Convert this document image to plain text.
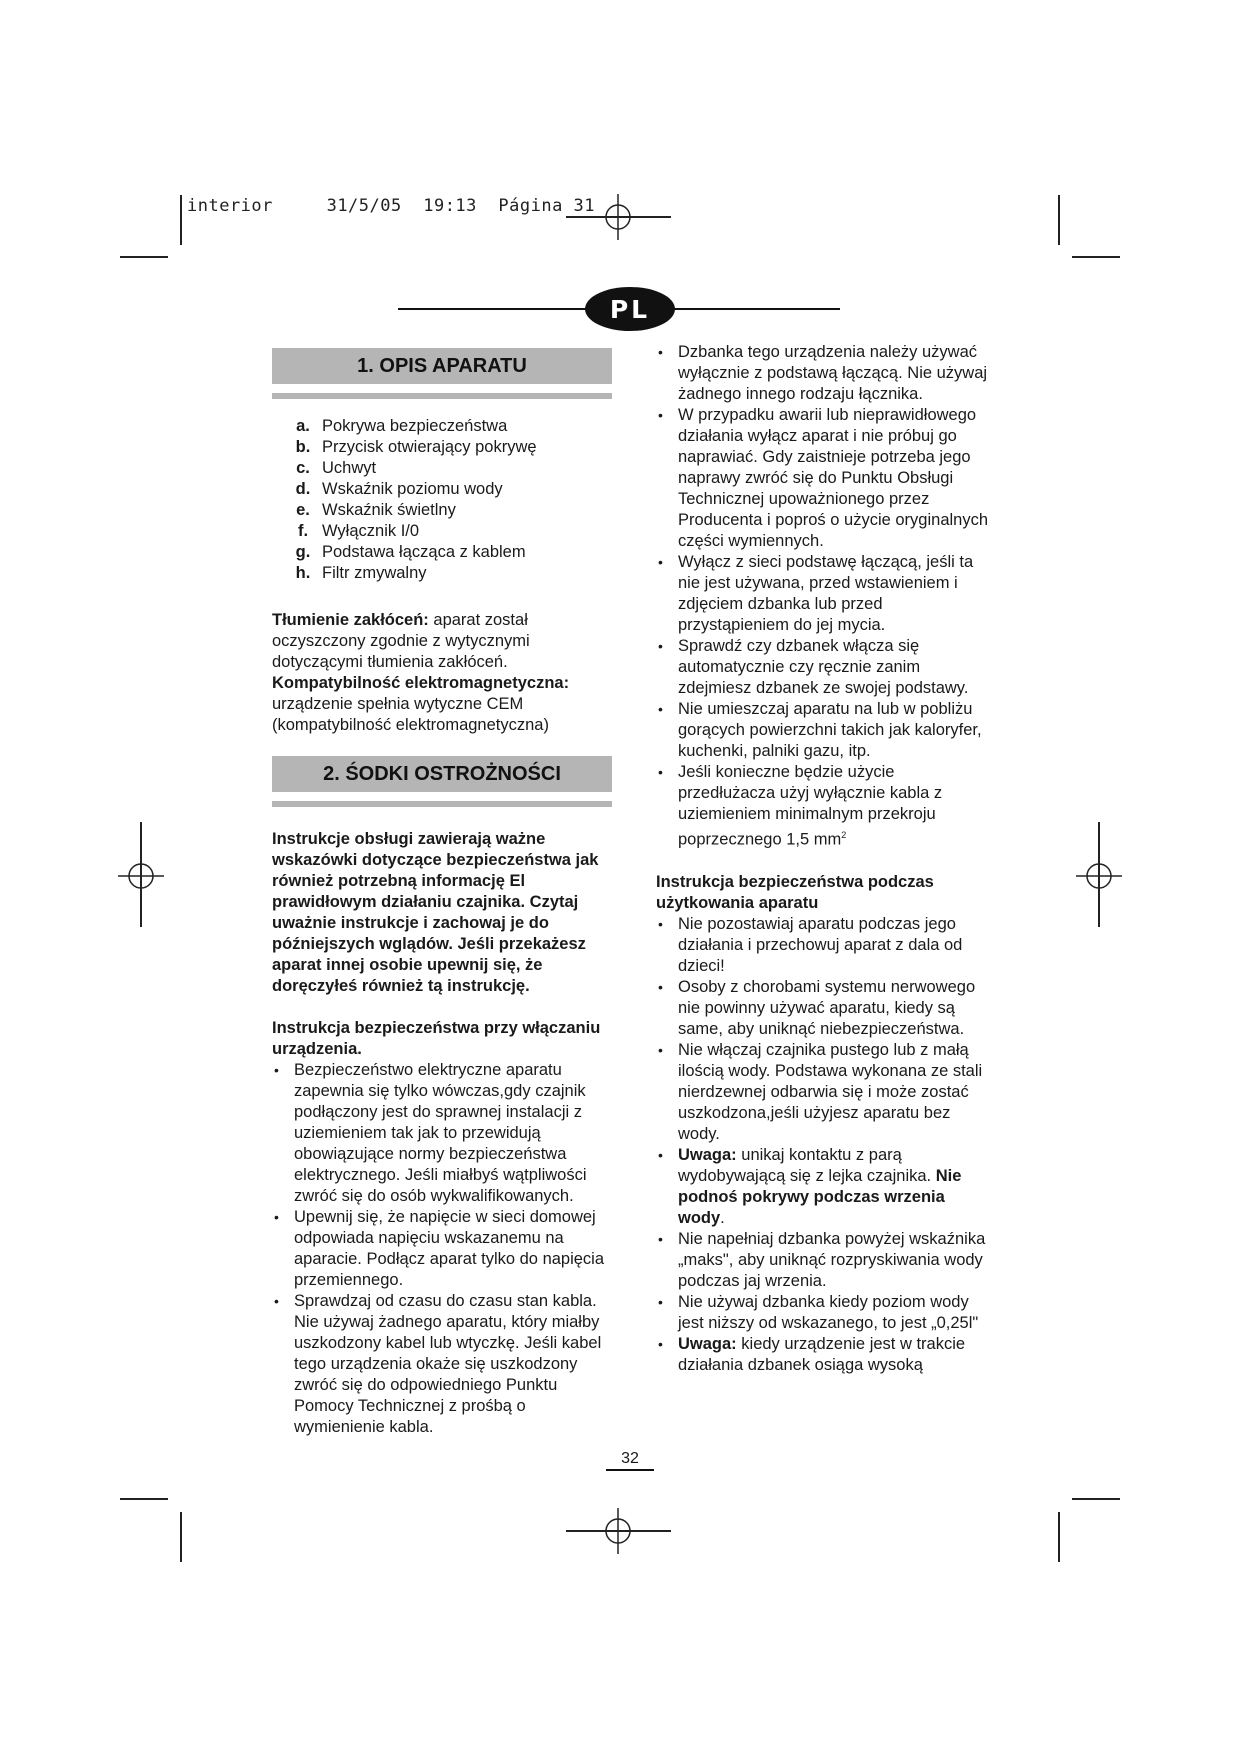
interior	31/5/05 19:13 Página 31
PL
1. OPIS APARATU
a. Pokrywa bezpieczeństwa
b. Przycisk otwierający pokrywę
c. Uchwyt
d. Wskaźnik poziomu wody
e. Wskaźnik świetlny
f. Wyłącznik I/0
g. Podstawa łącząca z kablem
h. Filtr zmywalny
Tłumienie zakłóceń: aparat został oczyszczony zgodnie z wytycznymi dotyczącymi tłumienia zakłóceń.
Kompatybilność elektromagnetyczna:
urządzenie spełnia wytyczne CEM (kompatybilność elektromagnetyczna)
2. ŚODKI OSTROŻNOŚCI
Instrukcje obsługi zawierają ważne wskazówki dotyczące bezpieczeństwa jak również potrzebną informację El prawidłowym działaniu czajnika. Czytaj uważnie instrukcje i zachowaj je do późniejszych wglądów. Jeśli przekażesz aparat innej osobie upewnij się, że doręczyłeś również tą instrukcję.
Instrukcja bezpieczeństwa przy włączaniu urządzenia.
• Bezpieczeństwo elektryczne aparatu zapewnia się tylko wówczas,gdy czajnik podłączony jest do sprawnej instalacji z uziemieniem tak jak to przewidują obowiązujące normy bezpieczeństwa elektrycznego. Jeśli miałbyś wątpliwości zwróć się do osób wykwalifikowanych.
• Upewnij się, że napięcie w sieci domowej odpowiada napięciu wskazanemu na aparacie. Podłącz aparat tylko do napięcia przemiennego.
• Sprawdzaj od czasu do czasu stan kabla. Nie używaj żadnego aparatu, który miałby uszkodzony kabel lub wtyczkę. Jeśli kabel tego urządzenia okaże się uszkodzony zwróć się do odpowiedniego Punktu Pomocy Technicznej z prośbą o wymienienie kabla.
• Dzbanka tego urządzenia należy używać wyłącznie z podstawą łączącą. Nie używaj żadnego innego rodzaju łącznika.
• W przypadku awarii lub nieprawidłowego działania wyłącz aparat i nie próbuj go naprawiać. Gdy zaistnieje potrzeba jego naprawy zwróć się do Punktu Obsługi Technicznej upoważnionego przez Producenta i poproś o użycie oryginalnych części wymiennych.
• Wyłącz z sieci podstawę łączącą, jeśli ta nie jest używana, przed wstawieniem i zdjęciem dzbanka lub przed przystąpieniem do jej mycia.
• Sprawdź czy dzbanek włącza się automatycznie czy ręcznie zanim zdejmiesz dzbanek ze swojej podstawy.
• Nie umieszczaj aparatu na lub w pobliżu gorących powierzchni takich jak kaloryfer, kuchenki, palniki gazu, itp.
• Jeśli konieczne będzie użycie przedłużacza użyj wyłącznie kabla z uziemieniem minimalnym przekroju poprzecznego 1,5 $mm^2$
Instrukcja bezpieczeństwa podczas użytkowania aparatu
• Nie pozostawiaj aparatu podczas jego działania i przechowuj aparat z dala od dzieci!
• Osoby z chorobami systemu nerwowego nie powinny używać aparatu, kiedy są same, aby uniknąć niebezpieczeństwa.
• Nie włączaj czajnika pustego lub z małą ilością wody. Podstawa wykonana ze stali nierdzewnej odbarwia się i może zostać uszkodzona,jeśli użyjesz aparatu bez wody.
• Uwaga: unikaj kontaktu z parą wydobywającą się z lejka czajnika. Nie podnoś pokrywy podczas wrzenia wody.
• Nie napełniaj dzbanka powyżej wskaźnika „maks", aby uniknąć rozpryskiwania wody podczas jaj wrzenia.
• Nie używaj dzbanka kiedy poziom wody jest niższy od wskazanego, to jest „0,25l"
• Uwaga: kiedy urządzenie jest w trakcie działania dzbanek osiąga wysoką
32
